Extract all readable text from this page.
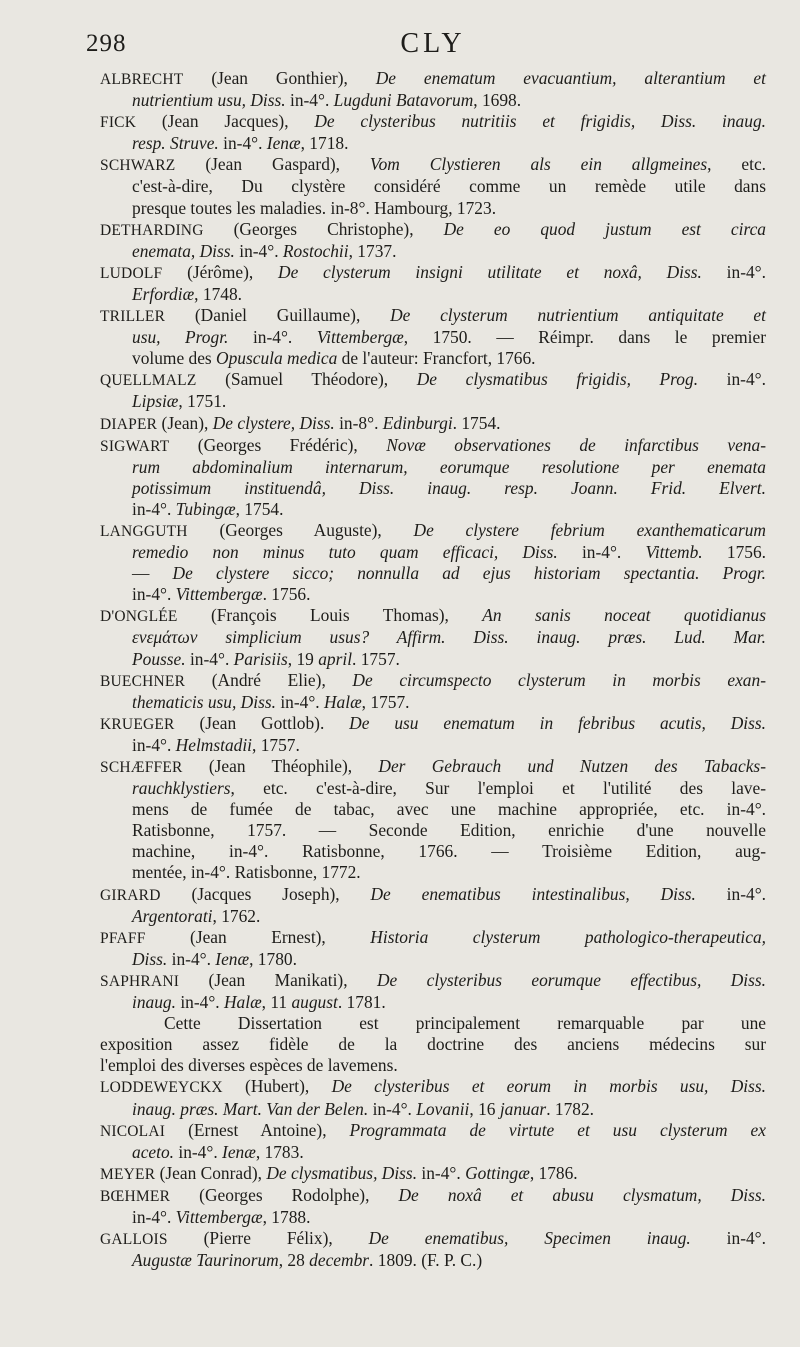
298	CLY
ALBRECHT (Jean Gonthier), De enematum evacuantium, alterantium et
nutrientium usu, Diss. in-4°. Lugduni Batavorum, 1698.
FICK (Jean Jacques), De clysteribus nutritiis et frigidis, Diss. inaug.
resp. Struve. in-4°. Ienæ, 1718.
SCHWARZ (Jean Gaspard), Vom Clystieren als ein allgmeines, etc.
c'est-à-dire, Du clystère considéré comme un remède utile dans
presque toutes les maladies. in-8°. Hambourg, 1723.
DETHARDING (Georges Christophe), De eo quod justum est circa
enemata, Diss. in-4°. Rostochii, 1737.
LUDOLF (Jérôme), De clysterum insigni utilitate et noxâ, Diss. in-4°.
Erfordiæ, 1748.
TRILLER (Daniel Guillaume), De clysterum nutrientium antiquitate et
usu, Progr. in-4°. Vittembergæ, 1750. — Réimpr. dans le premier
volume des Opuscula medica de l'auteur: Francfort, 1766.
QUELLMALZ (Samuel Théodore), De clysmatibus frigidis, Prog. in-4°.
Lipsiæ, 1751.
DIAPER (Jean), De clystere, Diss. in-8°. Edinburgi. 1754.
SIGWART (Georges Frédéric), Novæ observationes de infarctibus vena-
rum abdominalium internarum, eorumque resolutione per enemata
potissimum instituendâ, Diss. inaug. resp. Joann. Frid. Elvert.
in-4°. Tubingæ, 1754.
LANGGUTH (Georges Auguste), De clystere febrium exanthematicarum
remedio non minus tuto quam efficaci, Diss. in-4°. Vittemb. 1756.
— De clystere sicco; nonnulla ad ejus historiam spectantia. Progr.
in-4°. Vittembergæ. 1756.
D'ONGLÉE (François Louis Thomas), An sanis noceat quotidianus
ενεμάτων simplicium usus? Affirm. Diss. inaug. præs. Lud. Mar.
Pousse. in-4°. Parisiis, 19 april. 1757.
BUECHNER (André Elie), De circumspecto clysterum in morbis exan-
thematicis usu, Diss. in-4°. Halæ, 1757.
KRUEGER (Jean Gottlob). De usu enematum in febribus acutis, Diss.
in-4°. Helmstadii, 1757.
SCHÆFFER (Jean Théophile), Der Gebrauch und Nutzen des Tabacks-
rauchklystiers, etc. c'est-à-dire, Sur l'emploi et l'utilité des lave-
mens de fumée de tabac, avec une machine appropriée, etc. in-4°.
Ratisbonne, 1757. — Seconde Edition, enrichie d'une nouvelle
machine, in-4°. Ratisbonne, 1766. — Troisième Edition, aug-
mentée, in-4°. Ratisbonne, 1772.
GIRARD (Jacques Joseph), De enematibus intestinalibus, Diss. in-4°.
Argentorati, 1762.
PFAFF (Jean Ernest), Historia clysterum pathologico-therapeutica,
Diss. in-4°. Ienæ, 1780.
SAPHRANI (Jean Manikati), De clysteribus eorumque effectibus, Diss.
inaug. in-4°. Halæ, 11 august. 1781.
Cette Dissertation est principalement remarquable par une
exposition assez fidèle de la doctrine des anciens médecins sur
l'emploi des diverses espèces de lavemens.
LODDEWEYCKX (Hubert), De clysteribus et eorum in morbis usu, Diss.
inaug. præs. Mart. Van der Belen. in-4°. Lovanii, 16 januar. 1782.
NICOLAI (Ernest Antoine), Programmata de virtute et usu clysterum ex
aceto. in-4°. Ienæ, 1783.
MEYER (Jean Conrad), De clysmatibus, Diss. in-4°. Gottingæ, 1786.
BŒHMER (Georges Rodolphe), De noxâ et abusu clysmatum, Diss.
in-4°. Vittembergæ, 1788.
GALLOIS (Pierre Félix), De enematibus, Specimen inaug. in-4°.
Augustæ Taurinorum, 28 decembr. 1809. (F. P. C.)
